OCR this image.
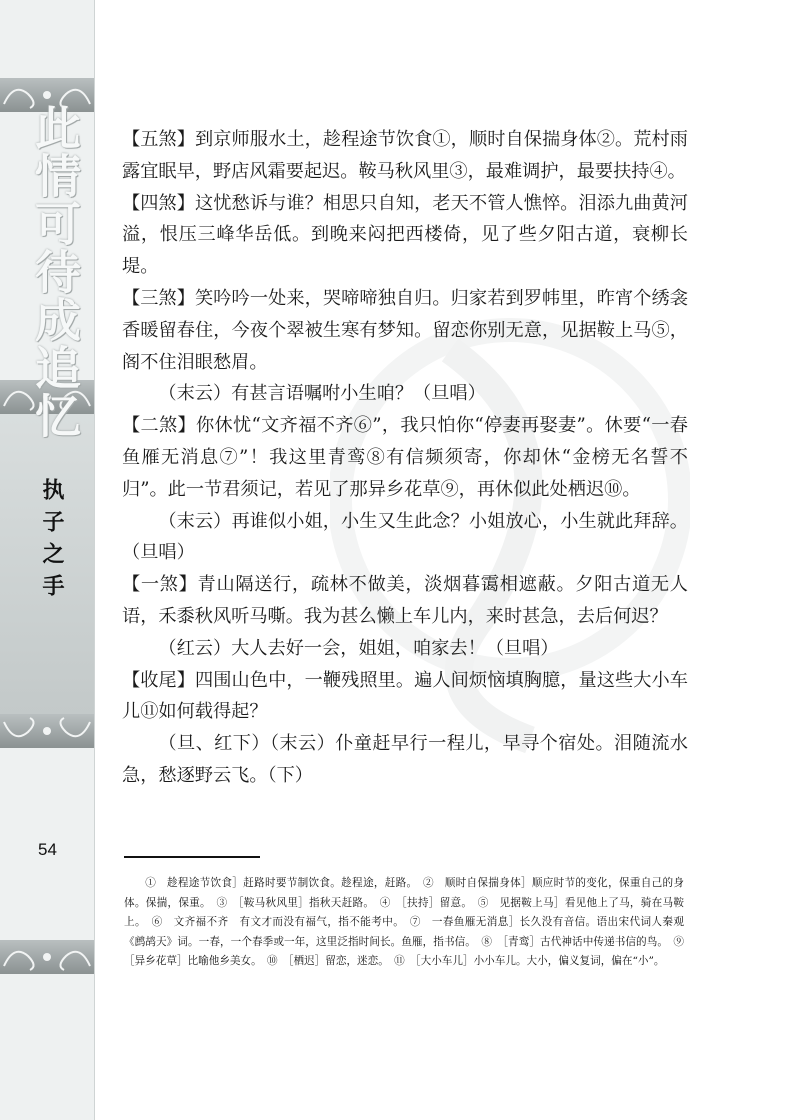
此情可待成追忆
执子之手
54

【五煞】到京师服水土，趁程途节饮食①，顺时自保揣身体②。荒村雨露宜眠早，野店风霜要起迟。鞍马秋风里③，最难调护，最要扶持④。

【四煞】这忧愁诉与谁？相思只自知，老天不管人憔悴。泪添九曲黄河溢，恨压三峰华岳低。到晚来闷把西楼倚，见了些夕阳古道，衰柳长堤。

【三煞】笑吟吟一处来，哭啼啼独自归。归家若到罗帏里，昨宵个绣衾香暖留春住，今夜个翠被生寒有梦知。留恋你别无意，见据鞍上马⑤，阁不住泪眼愁眉。

（末云）有甚言语嘱咐小生咱？（旦唱）

【二煞】你休忧“文齐福不齐⑥”，我只怕你“停妻再娶妻”。休要“一春鱼雁无消息⑦”！我这里青鸾⑧有信频须寄，你却休“金榜无名誓不归”。此一节君须记，若见了那异乡花草⑨，再休似此处栖迟⑩。

（末云）再谁似小姐，小生又生此念？小姐放心，小生就此拜辞。（旦唱）

【一煞】青山隔送行，疏林不做美，淡烟暮霭相遮蔽。夕阳古道无人语，禾黍秋风听马嘶。我为甚么懒上车儿内，来时甚急，去后何迟？

（红云）大人去好一会，姐姐，咱家去！（旦唱）

【收尾】四围山色中，一鞭残照里。遍人间烦恼填胸臆，量这些大小车儿⑪如何载得起？

（旦、红下）（末云）仆童赶早行一程儿，早寻个宿处。泪随流水急，愁逐野云飞。（下）

①　趁程途节饮食］赶路时要节制饮食。趁程途，赶路。　②　顺时自保揣身体］顺应时节的变化，保重自己的身体。保揣，保重。　③　［鞍马秋风里］指秋天赶路。　④　［扶持］留意。　⑤　见据鞍上马］看见他上了马，骑在马鞍上。　⑥　文齐福不齐　有文才而没有福气，指不能考中。　⑦　一春鱼雁无消息］长久没有音信。语出宋代词人秦观《鹧鸪天》词。一春，一个春季或一年，这里泛指时间长。鱼雁，指书信。　⑧　［青鸾］古代神话中传递书信的鸟。　⑨　［异乡花草］比喻他乡美女。　⑩　［栖迟］留恋，迷恋。　⑪　［大小车儿］小小车儿。大小，偏义复词，偏在“小”。
